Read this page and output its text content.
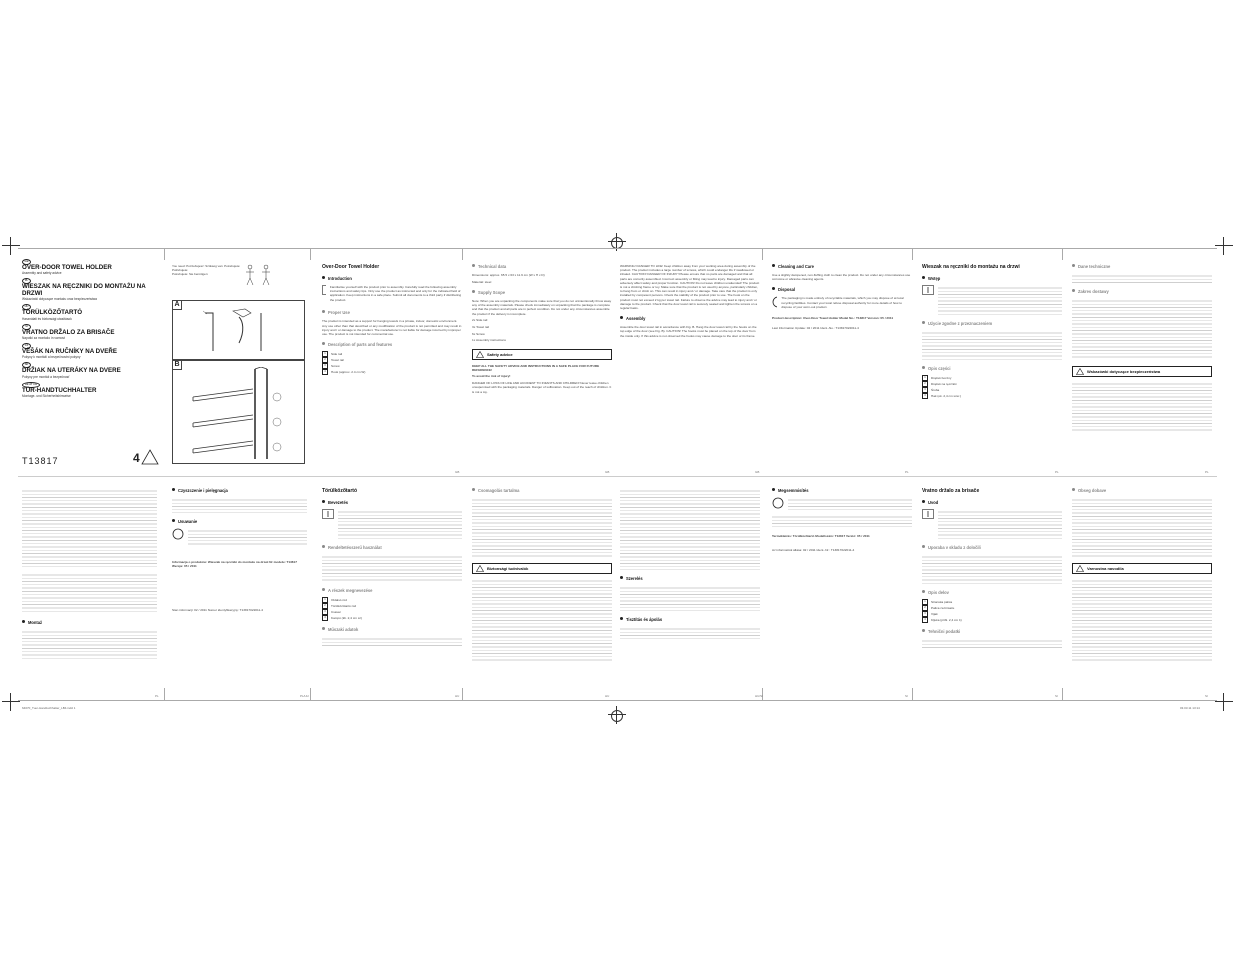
GB
OVER-DOOR TOWEL HOLDER
Assembly and safety advice
PL
WIESZAK NA RĘCZNIKI DO MONTAŻU NA DRZWI
Wskazówki dotyczące montażu oraz bezpieczeństwa
HU
TÖRÜLKÖZŐTARTÓ
Használati és biztonsági utasítások
SI
VRATNO DRŽALO ZA BRISAČE
Napotki za montažo in varnost
CZ
VĚŠÁK NA RUČNÍKY NA DVEŘE
Pokyny k montáži a bezpečnostní pokyny
SK
DRŽIAK NA UTERÁKY NA DVERE
Pokyny pre montáž a bezpečnosť
DE AT CH
TÜR-HANDTUCHHALTER
Montage- und Sicherheitshinweise
T13817	4
You need: Potrzebujesz: Szükség van: Potrebujete: Potřebujete:
Potrebujete: Sie benötigen:
A
B
Over-Door Towel Holder
Introduction

Familiarise yourself with the product prior to assembly. Carefully read the following assembly instructions and safety tips. Only use the product as instructed and only for the indicated field of application. Keep instructions in a safe place. Submit all documents to a third party if distributing the product.

Proper Use

The product is intended as a support for hanging towels in a private, indoor, domestic environment. Any use other than that described or any modification of the product is not permitted and may result in injury and / or damage to the product. The manufacturer is not liable for damage incurred by improper use. The product is not intended for commercial use.

Description of parts and features
1	Side rail
2	Towel rail
3	Screw
4	Hook (approx. 2.4 cm W)
Technical data

Dimensions: approx. 65.5 x 63 x 11.9 cm (W x H x D)

Material: steel

Supply Scope

Note: When you are unpacking the components make sure that you do not unintentionally throw away any of the assembly materials. Please check immediately on unpacking that the package is complete and that the product and all parts are in perfect condition. Do not under any circumstances assemble the product if the delivery is incomplete.

2x Side rail

3x Towel rail

6x Screw

1x Assembly instructions

Safety advice

KEEP ALL THE SAFETY ADVICE AND INSTRUCTIONS IN A SAFE PLACE FOR FUTURE REFERENCE!

To avoid the risk of injury!

DANGER OF LOSS OF LIFE AND ACCIDENT TO INFANTS AND CHILDREN! Never leave children unsupervised with the packaging materials. Danger of suffocation. Keep out of the reach of children. It is not a toy.

WARNING! DANGER TO LIFE! Keep children away from your working area during assembly of the product. The product includes a large number of screws, which could endanger life if swallowed or inhaled. CAUTION! DANGER OF INJURY! Please ensure that no parts are damaged and that all parts are correctly assembled. Incorrect assembly or fitting may lead to injury. Damaged parts can adversely affect safety and proper function. CAUTION! Do not leave children unattended! The product is not a climbing frame or toy. Make sure that the product is not used by anyone, particularly children, to hang from or climb on. This can result in injury and / or damage. Take care that the product is only installed by competent persons. Check the stability of the product prior to use. The hook on the product must not exceed 2 kg per towel rail. Failure to observe the advice may lead to injury and / or damage to the product. Check that the door towel rail is securely seated and tighten the screws on a regular basis.

Assembly

Assemble the door towel rail in accordance with Fig. B. Hang the door towel rail by the hooks on the top edge of the door (see Fig. B). CAUTION! The hooks must be placed on the top of the door from the inside only. If this advice is not observed the hooks may cause damage to the door or its frame.

Cleaning and Care

Use a slightly dampened, non-fluffing cloth to clean the product. Do not under any circumstances use corrosive or abrasive cleaning agents.

Disposal

The packaging is made entirely of recyclable materials, which you may dispose of at local recycling facilities. Contact your local refuse disposal authority for more details of how to dispose of your worn-out product.

Product description: Over-Door Towel Holder Model No.: T13817 Version: 05 / 2011

Last Information Update: 02 / 2011 Ident.-No.: T13817022011-4

Wieszak na ręczniki do montażu na drzwi
Wstęp
Użycie zgodne z przeznaczeniem
Opis części
1	Drążek boczny
2	Drążek na ręczniki
3	Śruba
4	Hak (ok. 2,4 cm szer.)
Dane techniczne
Zakres dostawy
Wskazówki dotyczące bezpieczeństwa
GB	GB	GB	PL	PL	PL
Montaż
Czyszczenie i pielęgnacja
Usuwanie

Informacja o produkcie: Wieszak na ręczniki do montażu na drzwi Nr modelu: T13817 Wersja: 05 / 2011

Stan informacji: 02 / 2011 Numer identyfikacyjny: T13817022011-4

Törülközőtartó
Bevezetés
Rendeltetésszerű használat
A részek megnevezése
1	Oldalsó rúd
2	Törülközőtartó rúd
3	Csavar
4	Kampó (kb. 2,4 cm sz)
Műszaki adatok
Csomagolás tartalma
Biztonsági tudnivalók
Szerelés
Tisztítás és ápolás
Megsemmisítés

Termékleírás: Törülközőtartó Modellszám: T13817 Verzió: 05 / 2011

Az információk állása: 02 / 2011 Ident.-Nr.: T13817022011-4

Vratno držalo za brisače
Uvod
Uporaba v skladu z določili
Opis delov
1	Stranska palica
2	Palica za brisače
3	Vijak
4	Kljuka (pribl. 2,4 cm š)
Tehnični podatki
Obseg dobave
Varnostna navodila
PL	PL/HU	HU	HU	HU/SI	SI	SI	SI
64070_Tuer-Handtuchhalter_LB4.indd 1	03.03.11 13:14
